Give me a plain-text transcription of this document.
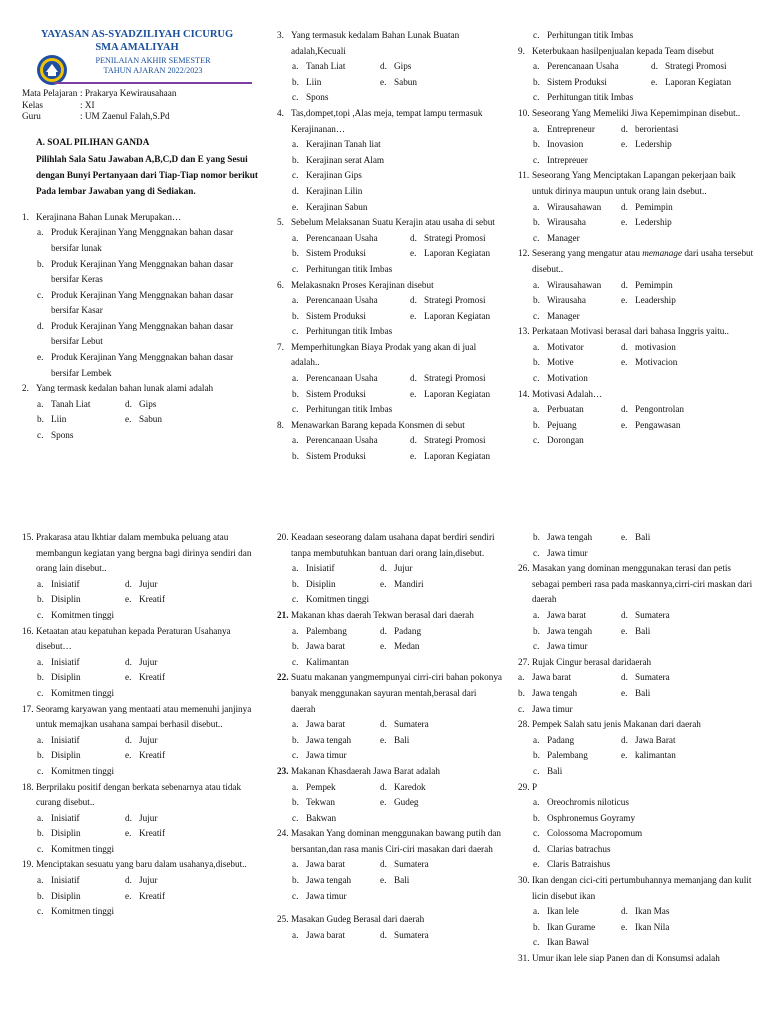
YAYASAN AS-SYADZILIYAH CICURUG
SMA AMALIYAH
PENILAIAN AKHIR SEMESTER
TAHUN AJARAN 2022/2023
Mata Pelajaran : Prakarya Kewirausahaan
Kelas	: XI
Guru	: UM Zaenul Falah,S.Pd
A. SOAL PILIHAN GANDA
Pilihlah Sala Satu Jawaban A,B,C,D dan E yang Sesui dengan Bunyi Pertanyaan dari Tiap-Tiap nomor berikut Pada lembar Jawaban yang di Sediakan.
1. Kerajinana Bahan Lunak Merupakan…
a. Produk Kerajinan Yang Menggnakan bahan dasar bersifar lunak
b. Produk Kerajinan Yang Menggnakan bahan dasar bersifar Keras
c. Produk Kerajinan Yang Menggnakan bahan dasar bersifar Kasar
d. Produk Kerajinan Yang Menggnakan bahan dasar bersifar Lebut
e. Produk Kerajinan Yang Menggnakan bahan dasar bersifar Lembek
2. Yang termask kedalan bahan lunak alami adalah
a. Tanah Liat	d. Gips
b. Liin	e. Sabun
c. Spons
3. Yang termasuk kedalam Bahan Lunak Buatan adalah,Kecuali
a. Tanah Liat	d. Gips
b. Liin	e. Sabun
c. Spons
4. Tas,dompet,topi ,Alas meja, tempat lampu termasuk Kerajinanan…
a. Kerajinan Tanah liat
b. Kerajinan serat Alam
c. Kerajinan Gips
d. Kerajinan Lilin
e. Kerajinan Sabun
5. Sebelum Melaksanan Suatu Kerajin atau usaha di sebut
a. Perencanaan Usaha	d. Strategi Promosi
b. Sistem Produksi	e. Laporan Kegiatan
c. Perhitungan titik Imbas
6. Melakasnakn Proses Kerajinan disebut
a. Perencanaan Usaha	d. Strategi Promosi
b. Sistem Produksi	e. Laporan Kegiatan
c. Perhitungan titik Imbas
7. Memperhitungkan Biaya Prodak yang akan di jual adalah..
a. Perencanaan Usaha	d. Strategi Promosi
b. Sistem Produksi	e. Laporan Kegiatan
c. Perhitungan titik Imbas
8. Menawarkan Barang kepada Konsmen di sebut
a. Perencanaan Usaha	d. Strategi Promosi
b. Sistem Produksi	e. Laporan Kegiatan
c. Perhitungan titik Imbas
9. Keterbukaan hasilpenjualan kepada Team disebut
a. Perencanaan Usaha	d. Strategi Promosi
b. Sistem Produksi	e. Laporan Kegiatan
c. Perhitungan titik Imbas
10. Seseorang Yang Memeliki Jiwa Kepemimpinan disebut..
a. Entrepreneur	d. berorientasi
b. Inovasion	e. Ledership
c. Intrepreuer
11. Seseorang Yang Menciptakan Lapangan pekerjaan baik untuk dirinya maupun untuk orang lain dsebut..
a. Wirausahawan	d. Pemimpin
b. Wirausaha	e. Ledership
c. Manager
12. Seserang yang mengatur atau memanage dari usaha tersebut disebut..
a. Wirausahawan	d. Pemimpin
b. Wirausaha	e. Leadership
c. Manager
13. Perkataan Motivasi berasal dari bahasa Inggris yaitu..
a. Motivator	d. motivasion
b. Motive	e. Motivacion
c. Motivation
14. Motivasi Adalah…
a. Perbuatan	d. Pengontrolan
b. Pejuang	e. Pengawasan
c. Dorongan
15. Prakarasa atau Ikhtiar dalam membuka peluang atau membangun kegiatan yang bergna bagi dirinya sendiri dan orang lain disebut..
a. Inisiatif	d. Jujur
b. Disiplin	e. Kreatif
c. Komitmen tinggi
16. Ketaatan atau kepatuhan kepada Peraturan Usahanya disebut…
a. Inisiatif	d. Jujur
b. Disiplin	e. Kreatif
c. Komitmen tinggi
17. Seoramg karyawan yang mentaati atau memenuhi janjinya untuk memajkan usahana sampai berhasil disebut..
a. Inisiatif	d. Jujur
b. Disiplin	e. Kreatif
c. Komitmen tinggi
18. Berprilaku positif dengan berkata sebenarnya atau tidak curang disebut..
a. Inisiatif	d. Jujur
b. Disiplin	e. Kreatif
c. Komitmen tinggi
19. Menciptakan sesuatu yang baru dalam usahanya,disebut..
a. Inisiatif	d. Jujur
b. Disiplin	e. Kreatif
c. Komitmen tinggi
20. Keadaan seseorang dalam usahana dapat berdiri sendiri tanpa membutuhkan bantuan dari orang lain,disebut.
a. Inisiatif	d. Jujur
b. Disiplin	e. Mandiri
c. Komitmen tinggi
21. Makanan khas daerah Tekwan berasal dari daerah
a. Palembang	d. Padang
b. Jawa barat	e. Medan
c. Kalimantan
22. Suatu makanan yangmempunyai cirri-ciri bahan pokonya banyak menggunakan sayuran mentah,berasal dari daerah
a. Jawa barat	d. Sumatera
b. Jawa tengah	e. Bali
c. Jawa timur
23. Makanan Khasdaerah Jawa Barat adalah
a. Pempek	d. Karedok
b. Tekwan	e. Gudeg
c. Bakwan
24. Masakan Yang dominan menggunakan bawang putih dan bersantan,dan rasa manis Ciri-ciri masakan dari daerah
a. Jawa barat	d. Sumatera
b. Jawa tengah	e. Bali
c. Jawa timur
25. Masakan Gudeg Berasal dari daerah
a. Jawa barat	d. Sumatera
b. Jawa tengah	e. Bali
c. Jawa timur
26. Masakan yang dominan menggunakan terasi dan petis sebagai pemberi rasa pada maskannya,cirri-ciri maskan dari daerah
a. Jawa barat	d. Sumatera
b. Jawa tengah	e. Bali
c. Jawa timur
27. Rujak Cingur berasal daridaerah
a. Jawa barat	d. Sumatera
b. Jawa tengah	e. Bali
c. Jawa timur
28. Pempek Salah satu jenis Makanan dari daerah
a. Padang	d. Jawa Barat
b. Palembang	e. kalimantan
c. Bali
29. P
a. Oreochromis niloticus
b. Osphronemus Goyramy
c. Colossoma Macropomum
d. Clarias batrachus
e. Claris Batraishus
30. Ikan dengan cici-citi pertumbuhannya memanjang dan kulit licin disebut ikan
a. Ikan lele	d. Ikan Mas
b. Ikan Gurame	e. Ikan Nila
c. Ikan Bawal
31. Umur ikan lele siap Panen dan di Konsumsi adalah
